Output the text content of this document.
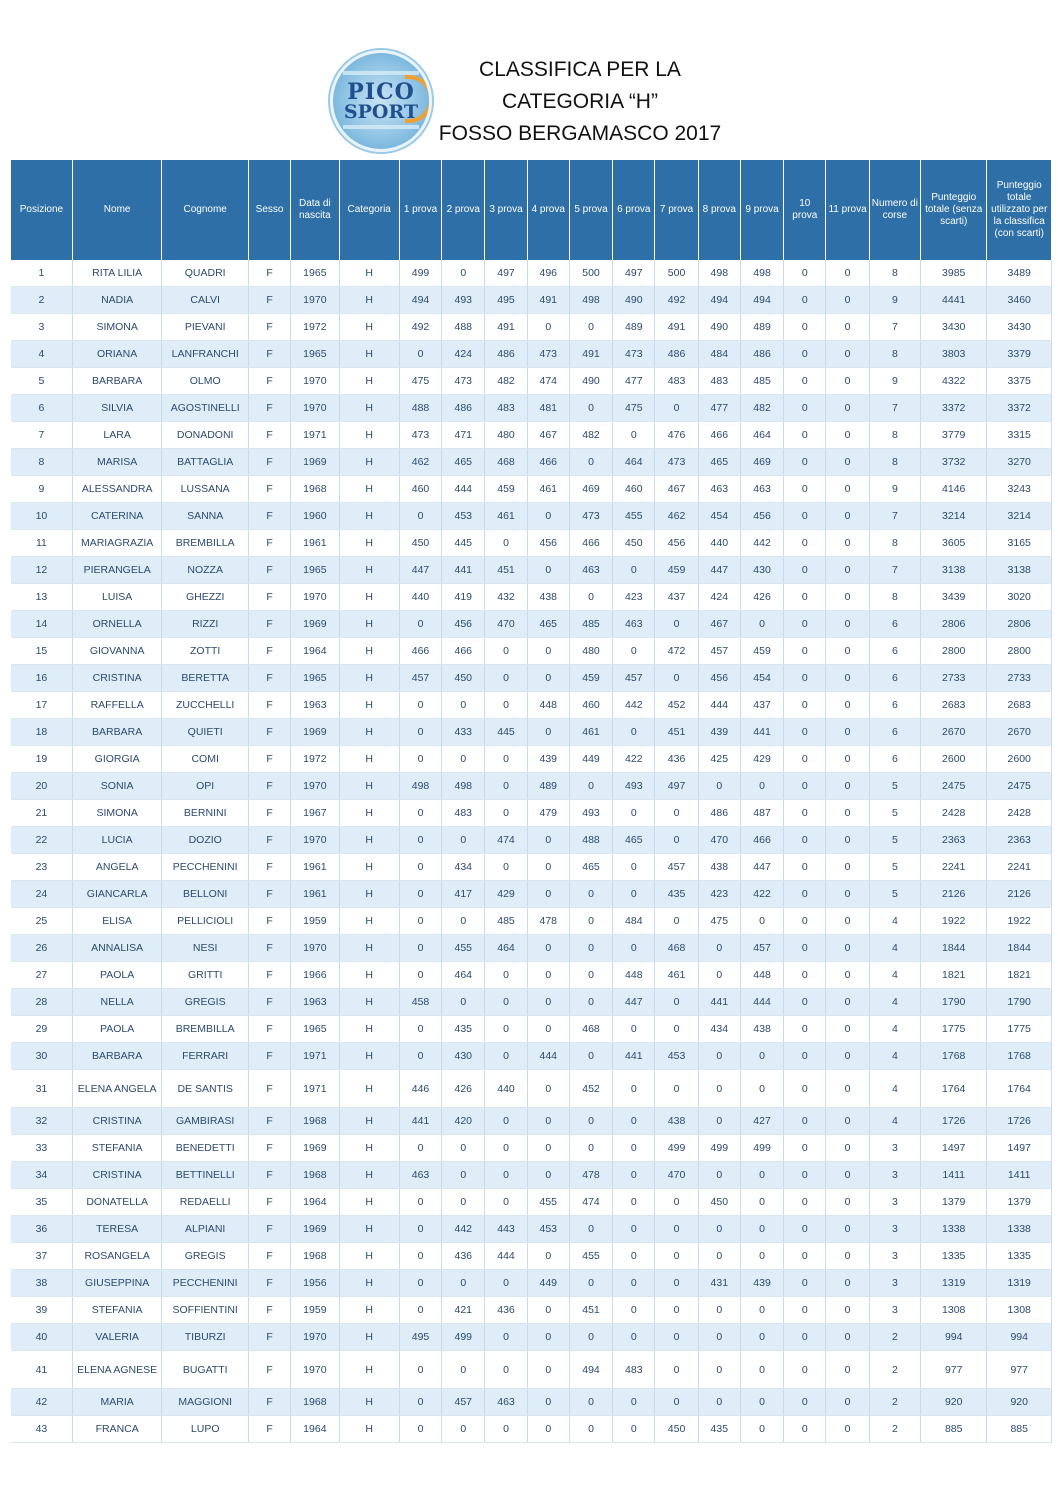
PICO
SPORT
CLASSIFICA PER LA
CATEGORIA “H”
FOSSO BERGAMASCO 2017
Posizione	Nome	Cognome	Sesso	Data di nascita	Categoria	1 prova	2 prova	3 prova	4 prova	5 prova	6 prova	7 prova	8 prova	9 prova	10 prova	11 prova	Numero di corse	Punteggio totale (senza scarti)	Punteggio totale utilizzato per la classifica (con scarti)
1	RITA LILIA	QUADRI	F	1965	H	499	0	497	496	500	497	500	498	498	0	0	8	3985	3489
2	NADIA	CALVI	F	1970	H	494	493	495	491	498	490	492	494	494	0	0	9	4441	3460
3	SIMONA	PIEVANI	F	1972	H	492	488	491	0	0	489	491	490	489	0	0	7	3430	3430
4	ORIANA	LANFRANCHI	F	1965	H	0	424	486	473	491	473	486	484	486	0	0	8	3803	3379
5	BARBARA	OLMO	F	1970	H	475	473	482	474	490	477	483	483	485	0	0	9	4322	3375
6	SILVIA	AGOSTINELLI	F	1970	H	488	486	483	481	0	475	0	477	482	0	0	7	3372	3372
7	LARA	DONADONI	F	1971	H	473	471	480	467	482	0	476	466	464	0	0	8	3779	3315
8	MARISA	BATTAGLIA	F	1969	H	462	465	468	466	0	464	473	465	469	0	0	8	3732	3270
9	ALESSANDRA	LUSSANA	F	1968	H	460	444	459	461	469	460	467	463	463	0	0	9	4146	3243
10	CATERINA	SANNA	F	1960	H	0	453	461	0	473	455	462	454	456	0	0	7	3214	3214
11	MARIAGRAZIA	BREMBILLA	F	1961	H	450	445	0	456	466	450	456	440	442	0	0	8	3605	3165
12	PIERANGELA	NOZZA	F	1965	H	447	441	451	0	463	0	459	447	430	0	0	7	3138	3138
13	LUISA	GHEZZI	F	1970	H	440	419	432	438	0	423	437	424	426	0	0	8	3439	3020
14	ORNELLA	RIZZI	F	1969	H	0	456	470	465	485	463	0	467	0	0	0	6	2806	2806
15	GIOVANNA	ZOTTI	F	1964	H	466	466	0	0	480	0	472	457	459	0	0	6	2800	2800
16	CRISTINA	BERETTA	F	1965	H	457	450	0	0	459	457	0	456	454	0	0	6	2733	2733
17	RAFFELLA	ZUCCHELLI	F	1963	H	0	0	0	448	460	442	452	444	437	0	0	6	2683	2683
18	BARBARA	QUIETI	F	1969	H	0	433	445	0	461	0	451	439	441	0	0	6	2670	2670
19	GIORGIA	COMI	F	1972	H	0	0	0	439	449	422	436	425	429	0	0	6	2600	2600
20	SONIA	OPI	F	1970	H	498	498	0	489	0	493	497	0	0	0	0	5	2475	2475
21	SIMONA	BERNINI	F	1967	H	0	483	0	479	493	0	0	486	487	0	0	5	2428	2428
22	LUCIA	DOZIO	F	1970	H	0	0	474	0	488	465	0	470	466	0	0	5	2363	2363
23	ANGELA	PECCHENINI	F	1961	H	0	434	0	0	465	0	457	438	447	0	0	5	2241	2241
24	GIANCARLA	BELLONI	F	1961	H	0	417	429	0	0	0	435	423	422	0	0	5	2126	2126
25	ELISA	PELLICIOLI	F	1959	H	0	0	485	478	0	484	0	475	0	0	0	4	1922	1922
26	ANNALISA	NESI	F	1970	H	0	455	464	0	0	0	468	0	457	0	0	4	1844	1844
27	PAOLA	GRITTI	F	1966	H	0	464	0	0	0	448	461	0	448	0	0	4	1821	1821
28	NELLA	GREGIS	F	1963	H	458	0	0	0	0	447	0	441	444	0	0	4	1790	1790
29	PAOLA	BREMBILLA	F	1965	H	0	435	0	0	468	0	0	434	438	0	0	4	1775	1775
30	BARBARA	FERRARI	F	1971	H	0	430	0	444	0	441	453	0	0	0	0	4	1768	1768
31	ELENA ANGELA	DE SANTIS	F	1971	H	446	426	440	0	452	0	0	0	0	0	0	4	1764	1764
32	CRISTINA	GAMBIRASI	F	1968	H	441	420	0	0	0	0	438	0	427	0	0	4	1726	1726
33	STEFANIA	BENEDETTI	F	1969	H	0	0	0	0	0	0	499	499	499	0	0	3	1497	1497
34	CRISTINA	BETTINELLI	F	1968	H	463	0	0	0	478	0	470	0	0	0	0	3	1411	1411
35	DONATELLA	REDAELLI	F	1964	H	0	0	0	455	474	0	0	450	0	0	0	3	1379	1379
36	TERESA	ALPIANI	F	1969	H	0	442	443	453	0	0	0	0	0	0	0	3	1338	1338
37	ROSANGELA	GREGIS	F	1968	H	0	436	444	0	455	0	0	0	0	0	0	3	1335	1335
38	GIUSEPPINA	PECCHENINI	F	1956	H	0	0	0	449	0	0	0	431	439	0	0	3	1319	1319
39	STEFANIA	SOFFIENTINI	F	1959	H	0	421	436	0	451	0	0	0	0	0	0	3	1308	1308
40	VALERIA	TIBURZI	F	1970	H	495	499	0	0	0	0	0	0	0	0	0	2	994	994
41	ELENA AGNESE	BUGATTI	F	1970	H	0	0	0	0	494	483	0	0	0	0	0	2	977	977
42	MARIA	MAGGIONI	F	1968	H	0	457	463	0	0	0	0	0	0	0	0	2	920	920
43	FRANCA	LUPO	F	1964	H	0	0	0	0	0	0	450	435	0	0	0	2	885	885
